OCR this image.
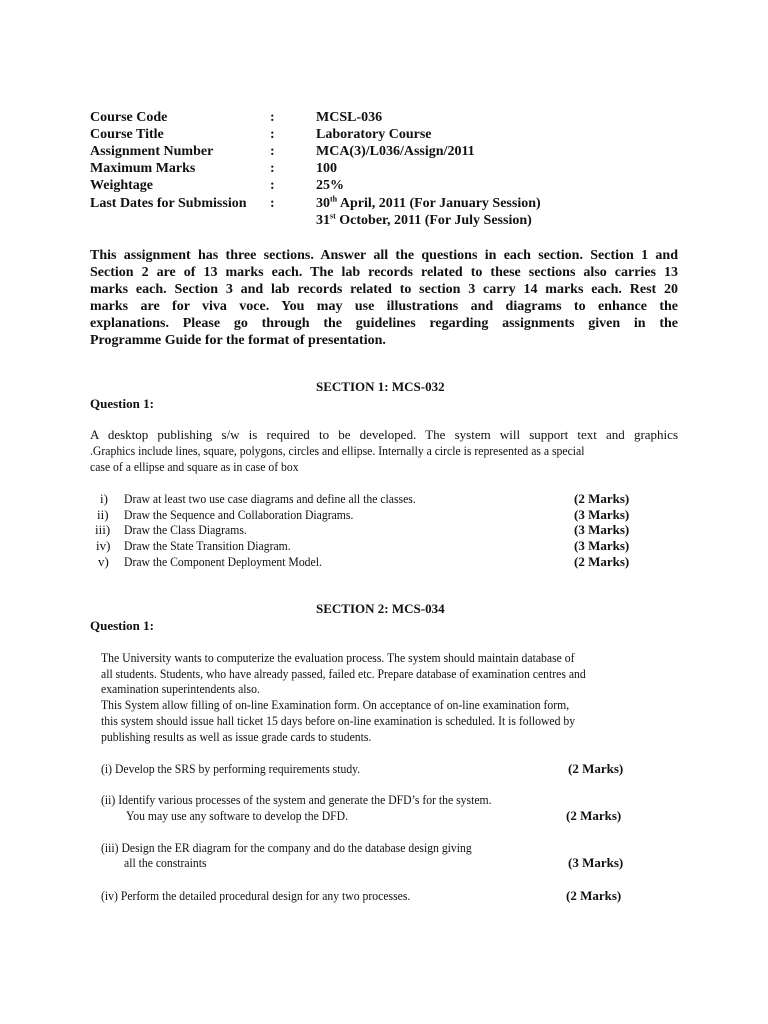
Course Code	:	MCSL-036
Course Title	:	Laboratory Course
Assignment Number	:	MCA(3)/L036/Assign/2011
Maximum Marks	:	100
Weightage	:	25%
Last Dates for Submission :	30th April, 2011 (For January Session)
31st October, 2011 (For July Session)
This assignment has three sections. Answer all the questions in each section. Section 1 and
Section 2 are of 13 marks each. The lab records related to these sections also carries 13
marks each. Section 3 and lab records related to section 3 carry 14 marks each. Rest 20
marks are for viva voce. You may use illustrations and diagrams to enhance the
explanations. Please go through the guidelines regarding assignments given in the
Programme Guide for the format of presentation.
SECTION 1: MCS-032
Question 1:
A desktop publishing s/w is required to be developed. The system will support text and graphics
.Graphics include lines, square, polygons, circles and ellipse. Internally a circle is represented as a special
case of a ellipse and square as in case of box
i) Draw at least two use case diagrams and define all the classes.	(2 Marks)
ii) Draw the Sequence and Collaboration Diagrams.	(3 Marks)
iii) Draw the Class Diagrams.	(3 Marks)
iv) Draw the State Transition Diagram.	(3 Marks)
v) Draw the Component Deployment Model.	(2 Marks)
SECTION 2: MCS-034
Question 1:
The University wants to computerize the evaluation process. The system should maintain database of
all students. Students, who have already passed, failed etc. Prepare database of examination centres and
examination superintendents also.
This System allow filling of on-line Examination form. On acceptance of on-line examination form,
this system should issue hall ticket 15 days before on-line examination is scheduled. It is followed by
publishing results as well as issue grade cards to students.
(i) Develop the SRS by performing requirements study.	(2 Marks)
(ii) Identify various processes of the system and generate the DFD’s for the system.
You may use any software to develop the DFD.	(2 Marks)
(iii) Design the ER diagram for the company and do the database design giving
all the constraints	(3 Marks)
(iv) Perform the detailed procedural design for any two processes.	(2 Marks)
